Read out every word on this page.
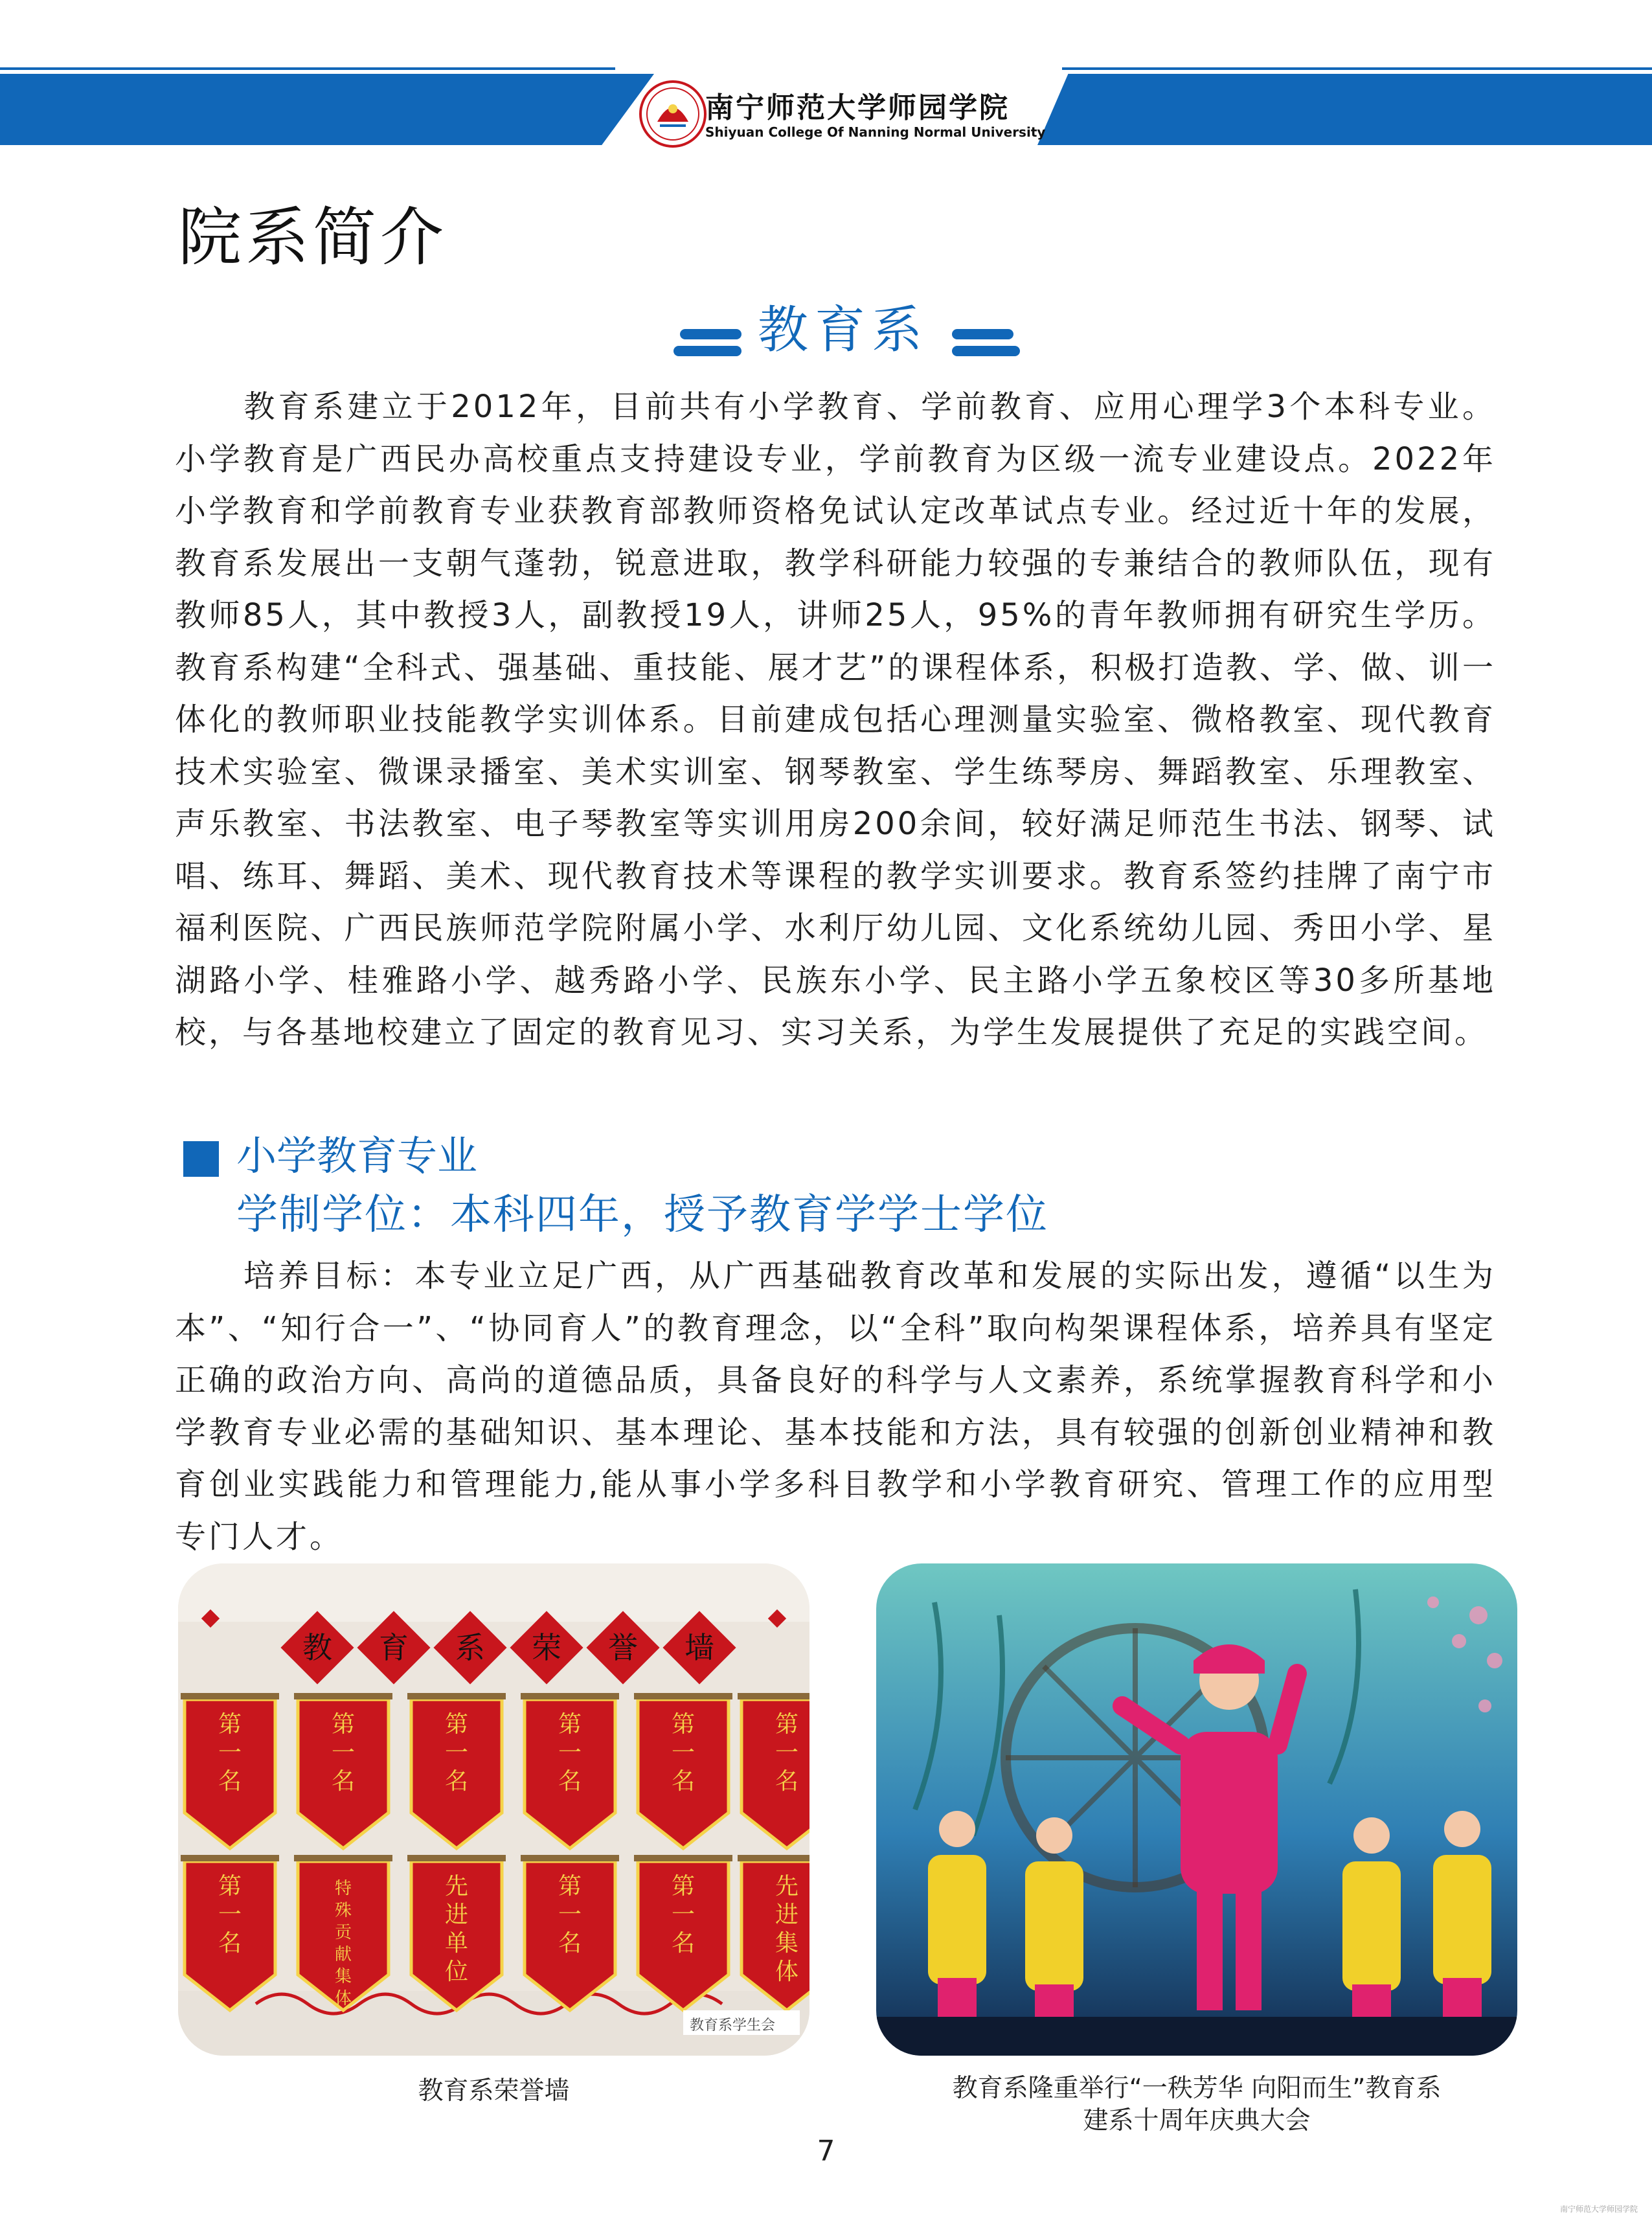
南宁师范大学师园学院
Shiyuan College Of Nanning Normal University
院系简介
教育系

教育系建立于2012年，目前共有小学教育、学前教育、应用心理学3个本科专业。小学教育是广西民办高校重点支持建设专业，学前教育为区级一流专业建设点。2022年小学教育和学前教育专业获教育部教师资格免试认定改革试点专业。经过近十年的发展，教育系发展出一支朝气蓬勃，锐意进取，教学科研能力较强的专兼结合的教师队伍，现有教师85人，其中教授3人，副教授19人，讲师25人，95%的青年教师拥有研究生学历。教育系构建“全科式、强基础、重技能、展才艺”的课程体系，积极打造教、学、做、训一体化的教师职业技能教学实训体系。目前建成包括心理测量实验室、微格教室、现代教育技术实验室、微课录播室、美术实训室、钢琴教室、学生练琴房、舞蹈教室、乐理教室、声乐教室、书法教室、电子琴教室等实训用房200余间，较好满足师范生书法、钢琴、试唱、练耳、舞蹈、美术、现代教育技术等课程的教学实训要求。教育系签约挂牌了南宁市福利医院、广西民族师范学院附属小学、水利厅幼儿园、文化系统幼儿园、秀田小学、星湖路小学、桂雅路小学、越秀路小学、民族东小学、民主路小学五象校区等30多所基地校，与各基地校建立了固定的教育见习、实习关系，为学生发展提供了充足的实践空间。

小学教育专业
学制学位：本科四年，授予教育学学士学位

培养目标：本专业立足广西，从广西基础教育改革和发展的实际出发，遵循“以生为本”、“知行合一”、“协同育人”的教育理念，以“全科”取向构架课程体系，培养具有坚定正确的政治方向、高尚的道德品质，具备良好的科学与人文素养，系统掌握教育科学和小学教育专业必需的基础知识、基本理论、基本技能和方法，具有较强的创新创业精神和教育创业实践能力和管理能力,能从事小学多科目教学和小学教育研究、管理工作的应用型专门人才。

教 育 系 荣 誉 墙
第
一
名
第
一
名
第
一
名
第
一
名
第
一
名
第
一
名
第
一
名
特
殊
贡
献
集
体
先
进
单
位
第
一
名
第
一
名
先
进
集
体
教育系学生会
教育系荣誉墙	教育系隆重举行“一秩芳华 向阳而生”教育系
建系十周年庆典大会
7
南宁师范大学师园学院
